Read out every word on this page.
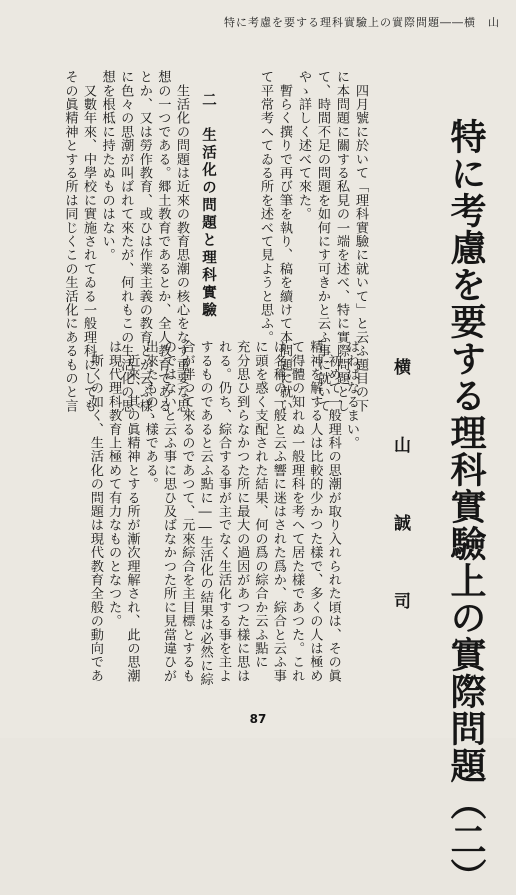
特に考慮を要する理科實驗上の實際問題――横　山
特に考慮を要する理科實驗上の實際問題（二）
横　山　誠　司
　四月號に於いて「理科實驗に就いて」と云ふ題目の下
に本問題に關する私見の一端を述べ、特に實際問題とし
て、時間不足の問題を如何にす可きかと云ふ事に就いて
やゝ詳しく述べて來た。
　暫らく撰りで再び筆を執り、稿を續けて本問題に就い
て平常考へてゐる所を述べて見ようと思ふ。
二　生活化の問題と理科實驗
　生活化の問題は近來の教育思潮の核心をなす重要な思
想の一つである。郷土教育であるとか、全人教育である
とか、又は勞作教育、或ひは作業主義の教育とか云ふ樣
に色々の思潮が叫ばれて來たが、何れもこの生活化の思
想を根柢に持たぬものはない。
　又數年來、中學校に實施されてゐる一般理科にしても
その眞精神とする所は同じくこの生活化にあるものと言	はねばなるまい。
　初めて一般理科の思潮が取り入れられた頃は、その眞
精神を解する人は比較的少かつた樣で、多くの人は極め
て得體の知れぬ一般理科を考へて居た樣であつた。これ
は名稱の一般と云ふ響に迷はされた爲か、綜合と云ふ事
に頭を惑く支配された結果、何の爲の綜合か云ふ點に
充分思ひ到らなかつた所に最大の過因があつた樣に思は
れる。仍ち、綜合する事が主でなく生活化する事を主よ
するものであると云ふ點に――生活化の結果は必然に綜
合が伴つて來るのであつて、元來綜合を主目標とするも
のではないと云ふ事に思ひ及ばなかつた所に見當違ひが
出來たものゝ樣である。
　近來、其の眞精神とする所が漸次理解され、此の思潮
は現代理科教育上極めて有力なものとなつた。
　斯くの如く、生活化の問題は現代教育全般の動向であ
87
